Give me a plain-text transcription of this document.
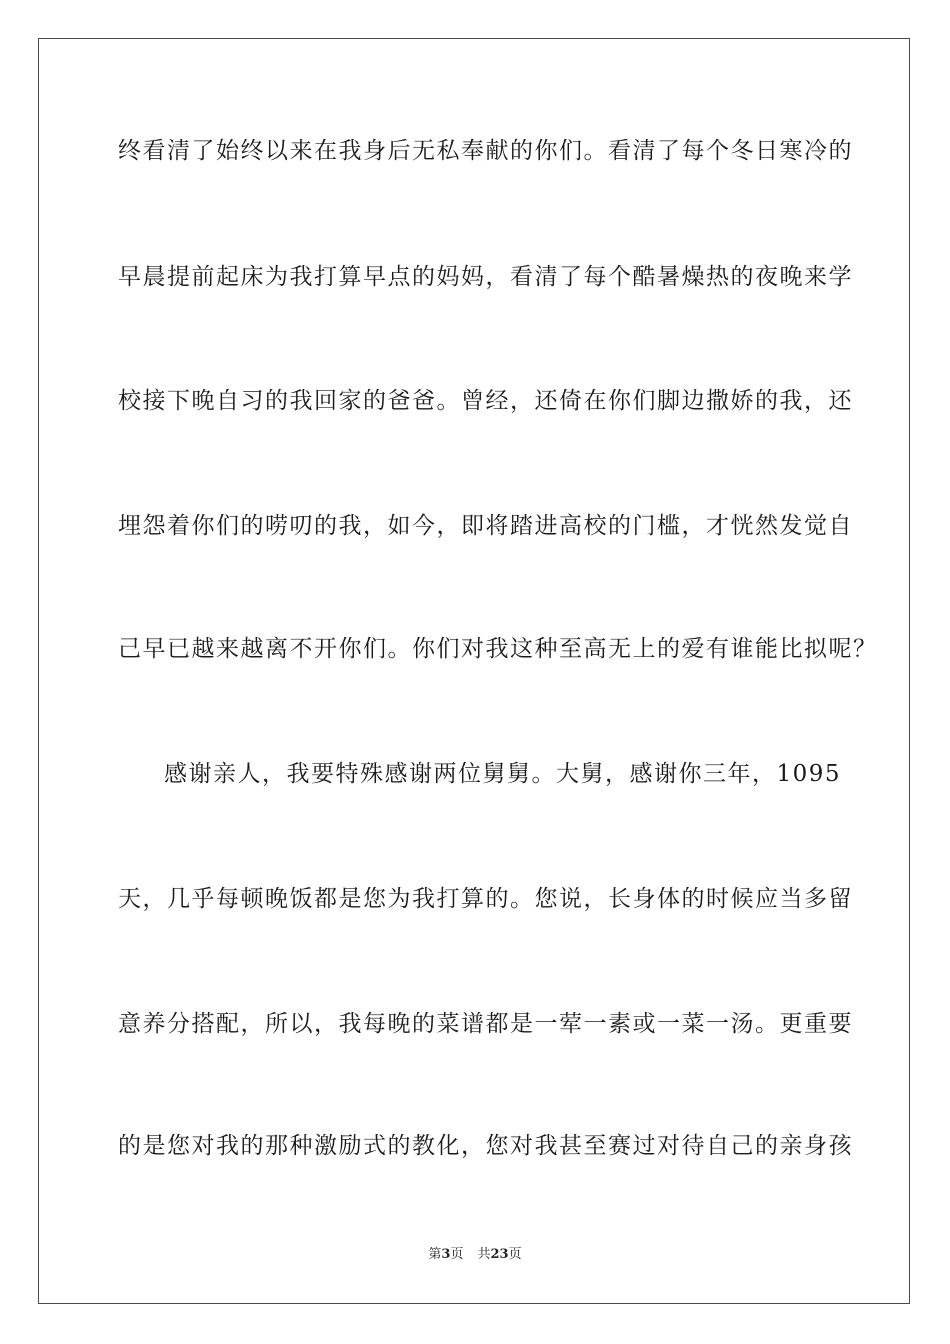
终看清了始终以来在我身后无私奉献的你们。看清了每个冬日寒冷的

早晨提前起床为我打算早点的妈妈，看清了每个酷暑燥热的夜晚来学

校接下晚自习的我回家的爸爸。曾经，还倚在你们脚边撒娇的我，还

埋怨着你们的唠叨的我，如今，即将踏进高校的门槛，才恍然发觉自

己早已越来越离不开你们。你们对我这种至高无上的爱有谁能比拟呢？

感谢亲人，我要特殊感谢两位舅舅。大舅，感谢你三年，1095

天，几乎每顿晚饭都是您为我打算的。您说，长身体的时候应当多留

意养分搭配，所以，我每晚的菜谱都是一荤一素或一菜一汤。更重要

的是您对我的那种激励式的教化，您对我甚至赛过对待自己的亲身孩

第3页 共23页
